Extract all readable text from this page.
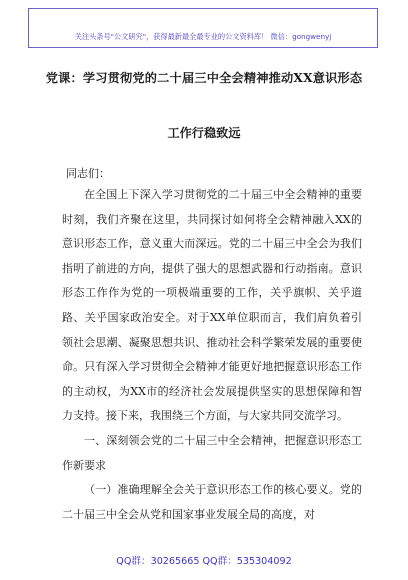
关注头条号"公文研究"，获得最新最全最专业的公文资料库！ 微信：gongwenyj
党课：学习贯彻党的二十届三中全会精神推动XX意识形态
工作行稳致远
同志们：

在全国上下深入学习贯彻党的二十届三中全会精神的重要时刻，我们齐聚在这里，共同探讨如何将全会精神融入XX的意识形态工作，意义重大而深远。党的二十届三中全会为我们指明了前进的方向，提供了强大的思想武器和行动指南。意识形态工作作为党的一项极端重要的工作，关乎旗帜、关乎道路、关乎国家政治安全。对于XX单位职而言，我们肩负着引领社会思潮、凝聚思想共识、推动社会科学繁荣发展的重要使命。只有深入学习贯彻全会精神才能更好地把握意识形态工作的主动权，为XX市的经济社会发展提供坚实的思想保障和智力支持。接下来，我围绕三个方面，与大家共同交流学习。

一、深刻领会党的二十届三中全会精神，把握意识形态工作新要求

（一）准确理解全会关于意识形态工作的核心要义。党的二十届三中全会从党和国家事业发展全局的高度，对

QQ群：30265665 QQ群：535304092
